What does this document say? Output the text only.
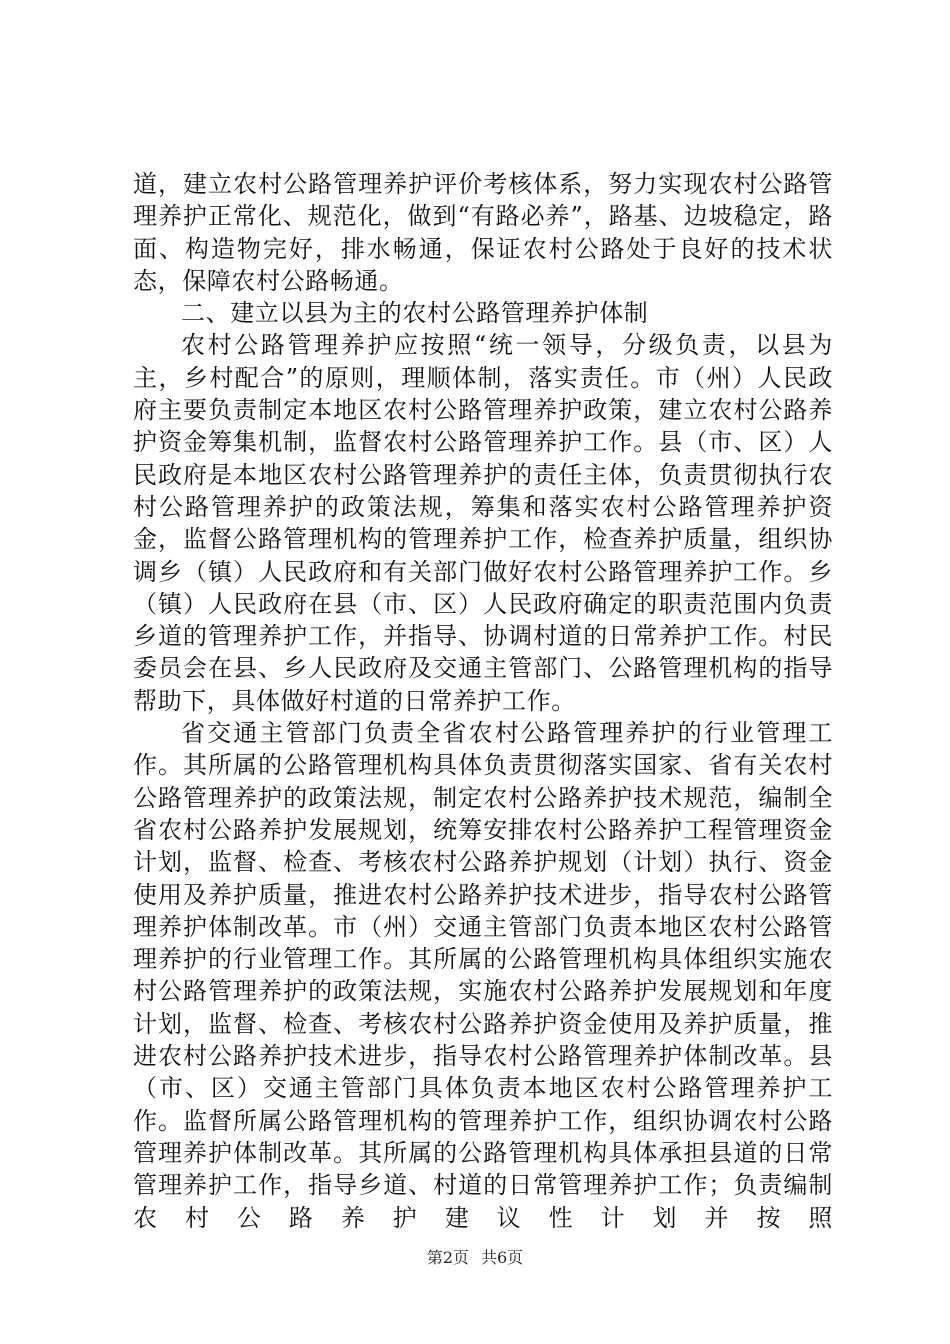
道，建立农村公路管理养护评价考核体系，努力实现农村公路管理养护正常化、规范化，做到“有路必养”，路基、边坡稳定，路面、构造物完好，排水畅通，保证农村公路处于良好的技术状态，保障农村公路畅通。

二、建立以县为主的农村公路管理养护体制

农村公路管理养护应按照“统一领导，分级负责，以县为主，乡村配合”的原则，理顺体制，落实责任。市（州）人民政府主要负责制定本地区农村公路管理养护政策，建立农村公路养护资金筹集机制，监督农村公路管理养护工作。县（市、区）人民政府是本地区农村公路管理养护的责任主体，负责贯彻执行农村公路管理养护的政策法规，筹集和落实农村公路管理养护资金，监督公路管理机构的管理养护工作，检查养护质量，组织协调乡（镇）人民政府和有关部门做好农村公路管理养护工作。乡（镇）人民政府在县（市、区）人民政府确定的职责范围内负责乡道的管理养护工作，并指导、协调村道的日常养护工作。村民委员会在县、乡人民政府及交通主管部门、公路管理机构的指导帮助下，具体做好村道的日常养护工作。

省交通主管部门负责全省农村公路管理养护的行业管理工作。其所属的公路管理机构具体负责贯彻落实国家、省有关农村公路管理养护的政策法规，制定农村公路养护技术规范，编制全省农村公路养护发展规划，统筹安排农村公路养护工程管理资金计划，监督、检查、考核农村公路养护规划（计划）执行、资金使用及养护质量，推进农村公路养护技术进步，指导农村公路管理养护体制改革。市（州）交通主管部门负责本地区农村公路管理养护的行业管理工作。其所属的公路管理机构具体组织实施农村公路管理养护的政策法规，实施农村公路养护发展规划和年度计划，监督、检查、考核农村公路养护资金使用及养护质量，推进农村公路养护技术进步，指导农村公路管理养护体制改革。县（市、区）交通主管部门具体负责本地区农村公路管理养护工作。监督所属公路管理机构的管理养护工作，组织协调农村公路管理养护体制改革。其所属的公路管理机构具体承担县道的日常管理养护工作，指导乡道、村道的日常管理养护工作；负责编制农村公路养护建议性计划并按照

第2页 共6页
